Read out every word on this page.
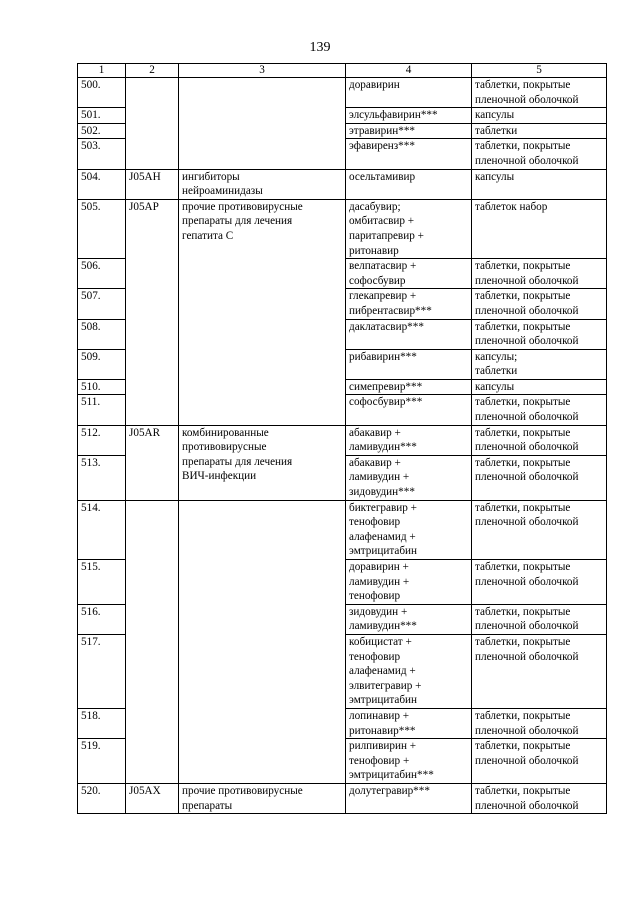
139
1	2	3	4	5
500.			доравирин	таблетки, покрытые
пленочной оболочкой

501.			элсульфавирин***	капсулы

502.			этравирин***	таблетки

503.			эфавиренз***	таблетки, покрытые
пленочной оболочкой

504.	J05AH	ингибиторы
нейроаминидазы	осельтамивир	капсулы

505.	J05AP	прочие противовирусные
препараты для лечения
гепатита C	дасабувир;
омбитасвир +
паритапревир +
ритонавир	таблеток набор

506.			велпатасвир +
софосбувир	таблетки, покрытые
пленочной оболочкой

507.			глекапревир +
пибрентасвир***	таблетки, покрытые
пленочной оболочкой

508.			даклатасвир***	таблетки, покрытые
пленочной оболочкой

509.			рибавирин***	капсулы;
таблетки

510.			симепревир***	капсулы

511.			софосбувир***	таблетки, покрытые
пленочной оболочкой

512.	J05AR	комбинированные
противовирусные
препараты для лечения
ВИЧ-инфекции	абакавир +
ламивудин***	таблетки, покрытые
пленочной оболочкой

513.			абакавир +
ламивудин +
зидовудин***	таблетки, покрытые
пленочной оболочкой

514.			биктегравир +
тенофовир
алафенамид +
эмтрицитабин	таблетки, покрытые
пленочной оболочкой

515.			доравирин +
ламивудин +
тенофовир	таблетки, покрытые
пленочной оболочкой

516.			зидовудин +
ламивудин***	таблетки, покрытые
пленочной оболочкой

517.			кобицистат +
тенофовир
алафенамид +
элвитегравир +
эмтрицитабин	таблетки, покрытые
пленочной оболочкой

518.			лопинавир +
ритонавир***	таблетки, покрытые
пленочной оболочкой

519.			рилпивирин +
тенофовир +
эмтрицитабин***	таблетки, покрытые
пленочной оболочкой

520.	J05AX	прочие противовирусные
препараты	долутегравир***	таблетки, покрытые
пленочной оболочкой
